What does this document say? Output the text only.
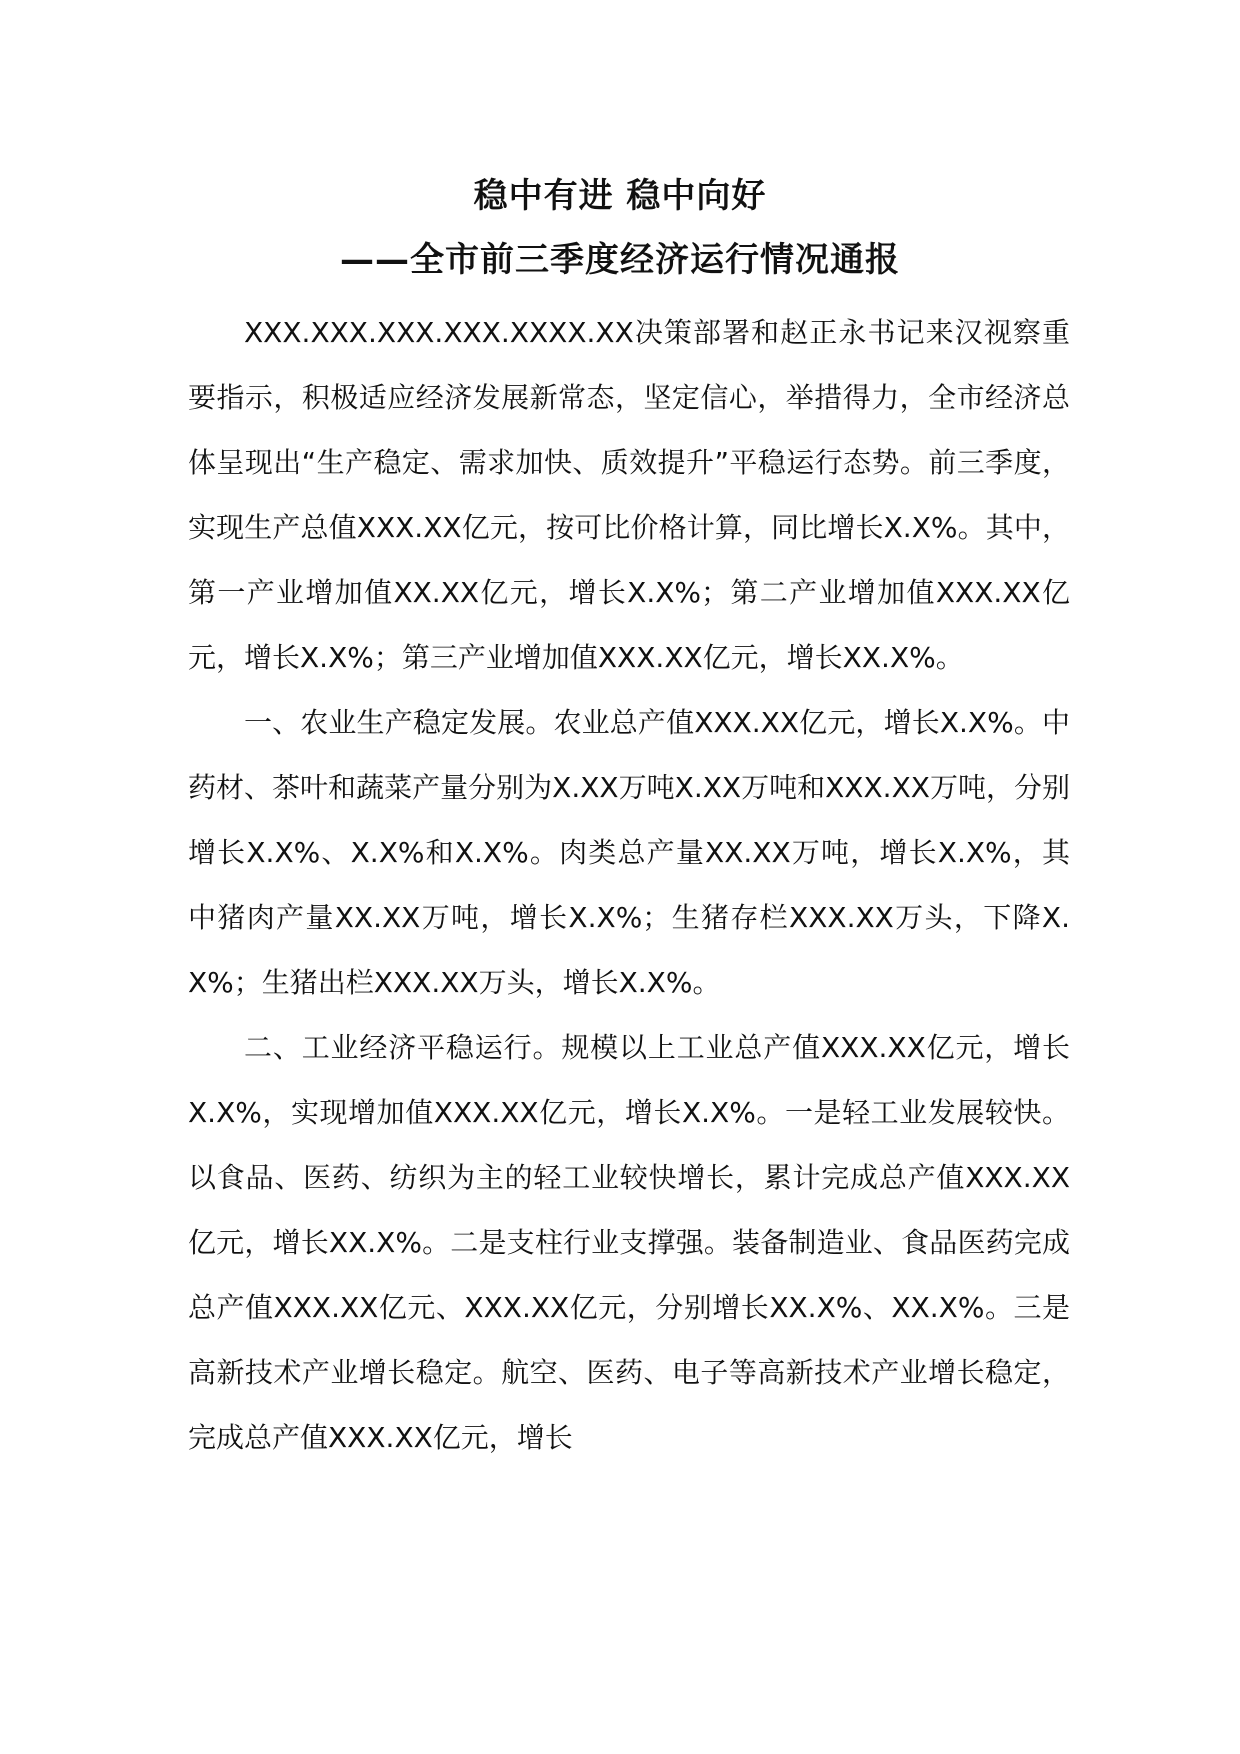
稳中有进 稳中向好
——全市前三季度经济运行情况通报

XXX.XXX.XXX.XXX.XXXX.XX决策部署和赵正永书记来汉视察重要指示，积极适应经济发展新常态，坚定信心，举措得力，全市经济总体呈现出“生产稳定、需求加快、质效提升”平稳运行态势。前三季度，实现生产总值XXX.XX亿元，按可比价格计算，同比增长X.X%。其中，第一产业增加值XX.XX亿元，增长X.X%；第二产业增加值XXX.XX亿元，增长X.X%；第三产业增加值XXX.XX亿元，增长XX.X%。

一、农业生产稳定发展。农业总产值XXX.XX亿元，增长X.X%。中药材、茶叶和蔬菜产量分别为X.XX万吨X.XX万吨和XXX.XX万吨，分别增长X.X%、X.X%和X.X%。肉类总产量XX.XX万吨，增长X.X%，其中猪肉产量XX.XX万吨，增长X.X%；生猪存栏XXX.XX万头，下降X.X%；生猪出栏XXX.XX万头，增长X.X%。

二、工业经济平稳运行。规模以上工业总产值XXX.XX亿元，增长X.X%，实现增加值XXX.XX亿元，增长X.X%。一是轻工业发展较快。以食品、医药、纺织为主的轻工业较快增长，累计完成总产值XXX.XX亿元，增长XX.X%。二是支柱行业支撑强。装备制造业、食品医药完成总产值XXX.XX亿元、XXX.XX亿元，分别增长XX.X%、XX.X%。三是高新技术产业增长稳定。航空、医药、电子等高新技术产业增长稳定，完成总产值XXX.XX亿元，增长
